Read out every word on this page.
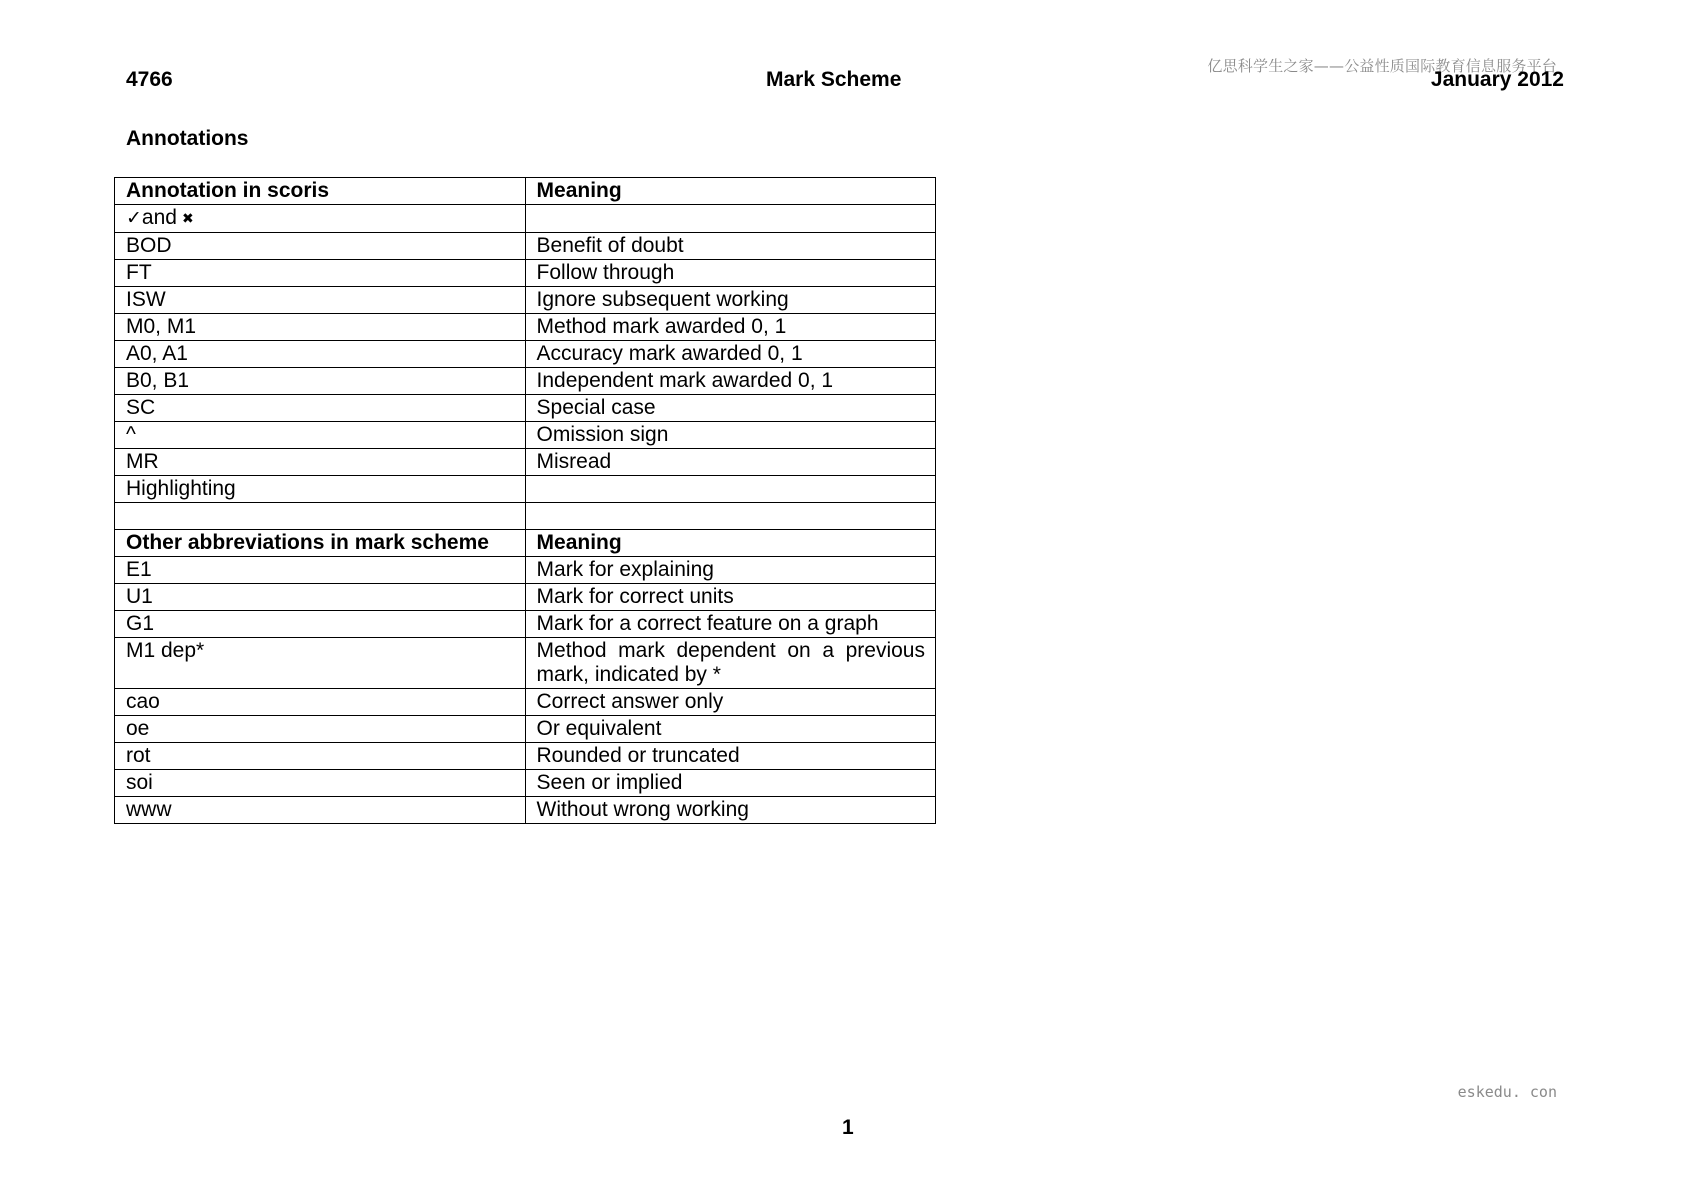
亿思科学生之家——公益性质国际教育信息服务平台
4766	Mark Scheme	January 2012
Annotations
Annotation in scoris	Meaning
✓and ✖	
BOD	Benefit of doubt
FT	Follow through
ISW	Ignore subsequent working
M0, M1	Method mark awarded 0, 1
A0, A1	Accuracy mark awarded 0, 1
B0, B1	Independent mark awarded 0, 1
SC	Special case
^	Omission sign
MR	Misread
Highlighting	

Other abbreviations in mark scheme	Meaning
E1	Mark for explaining
U1	Mark for correct units
G1	Mark for a correct feature on a graph
M1 dep*	Method mark dependent on a previous mark, indicated by *
cao	Correct answer only
oe	Or equivalent
rot	Rounded or truncated
soi	Seen or implied
www	Without wrong working
eskedu. con
1
